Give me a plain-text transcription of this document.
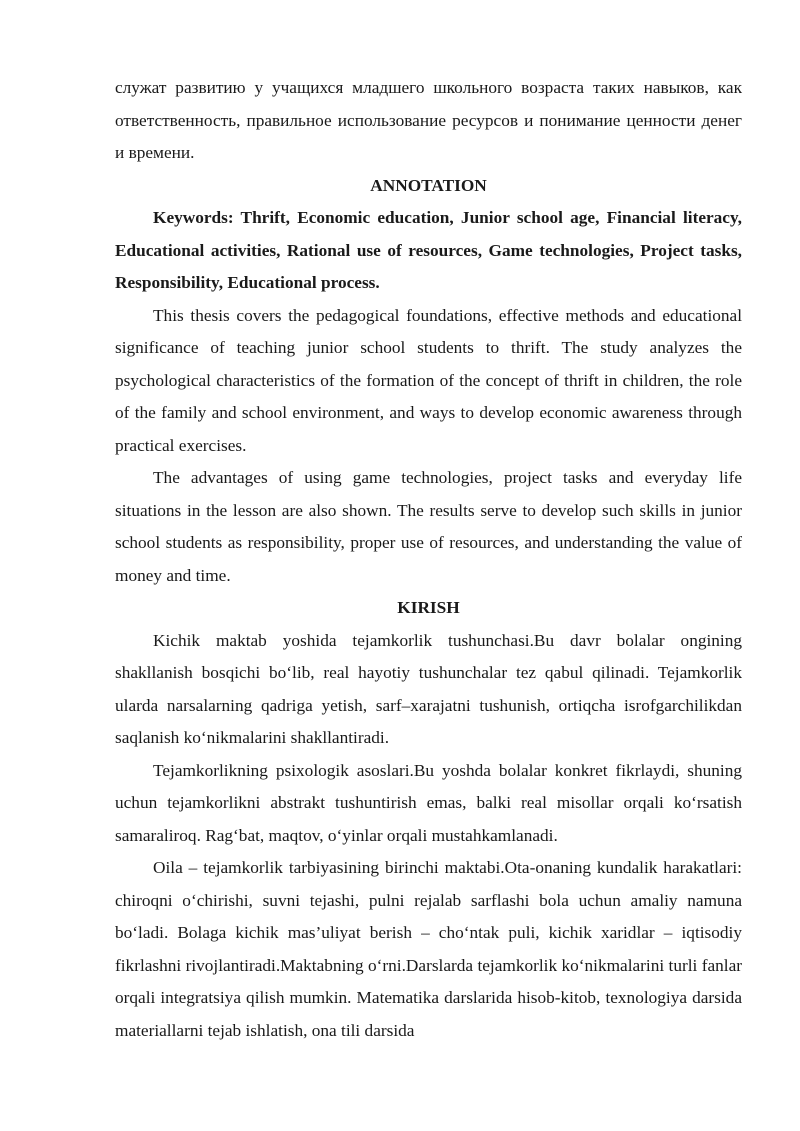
служат развитию у учащихся младшего школьного возраста таких навыков, как ответственность, правильное использование ресурсов и понимание ценности денег и времени.

ANNOTATION

Keywords: Thrift, Economic education, Junior school age, Financial literacy, Educational activities, Rational use of resources, Game technologies, Project tasks, Responsibility, Educational process.

This thesis covers the pedagogical foundations, effective methods and educational significance of teaching junior school students to thrift. The study analyzes the psychological characteristics of the formation of the concept of thrift in children, the role of the family and school environment, and ways to develop economic awareness through practical exercises.

The advantages of using game technologies, project tasks and everyday life situations in the lesson are also shown. The results serve to develop such skills in junior school students as responsibility, proper use of resources, and understanding the value of money and time.

KIRISH

Kichik maktab yoshida tejamkorlik tushunchasi.Bu davr bolalar ongining shakllanish bosqichi bo‘lib, real hayotiy tushunchalar tez qabul qilinadi. Tejamkorlik ularda narsalarning qadriga yetish, sarf–xarajatni tushunish, ortiqcha isrofgarchilikdan saqlanish ko‘nikmalarini shakllantiradi.

Tejamkorlikning psixologik asoslari.Bu yoshda bolalar konkret fikrlaydi, shuning uchun tejamkorlikni abstrakt tushuntirish emas, balki real misollar orqali ko‘rsatish samaraliroq. Rag‘bat, maqtov, o‘yinlar orqali mustahkamlanadi.

Oila – tejamkorlik tarbiyasining birinchi maktabi.Ota-onaning kundalik harakatlari: chiroqni o‘chirishi, suvni tejashi, pulni rejalab sarflashi bola uchun amaliy namuna bo‘ladi. Bolaga kichik mas’uliyat berish – cho‘ntak puli, kichik xaridlar – iqtisodiy fikrlashni rivojlantiradi.Maktabning o‘rni.Darslarda tejamkorlik ko‘nikmalarini turli fanlar orqali integratsiya qilish mumkin. Matematika darslarida hisob-kitob, texnologiya darsida materiallarni tejab ishlatish, ona tili darsida
